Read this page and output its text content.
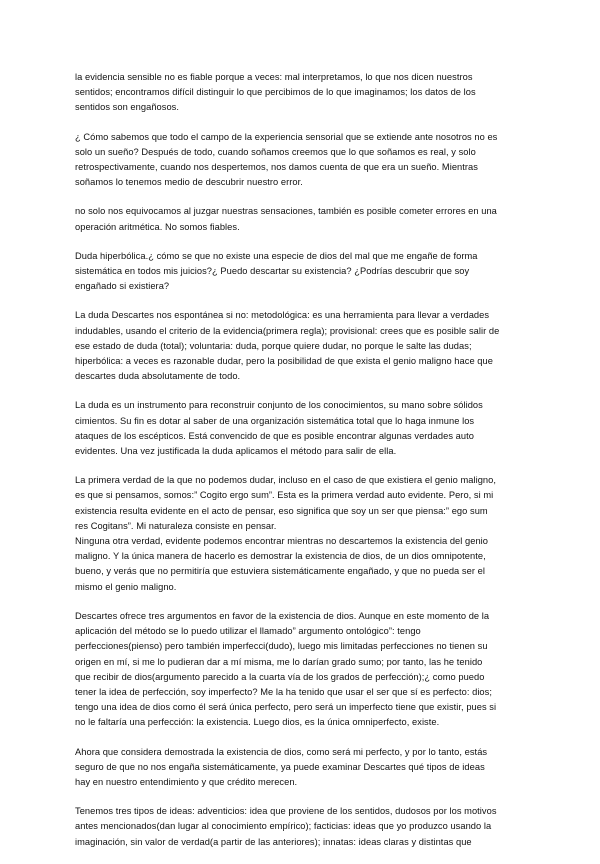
la evidencia sensible no es fiable porque a veces: mal interpretamos, lo que nos dicen nuestros
sentidos; encontramos difícil distinguir lo que percibimos de lo que imaginamos; los datos de los
sentidos son engañosos.

¿ Cómo sabemos que todo el campo de la experiencia sensorial que se extiende ante nosotros no es
solo un sueño? Después de todo, cuando soñamos creemos que lo que soñamos es real, y solo
retrospectivamente, cuando nos despertemos, nos damos cuenta de que era un sueño. Mientras
soñamos lo tenemos medio de descubrir nuestro error.

no solo nos equivocamos al juzgar nuestras sensaciones, también es posible cometer errores en una
operación aritmética. No somos fiables.

Duda hiperbólica.¿ cómo se que no existe una especie de dios del mal que me engañe de forma
sistemática en todos mis juicios?¿ Puedo descartar su existencia? ¿Podrías descubrir que soy
engañado si existiera?

La duda Descartes nos espontánea si no: metodológica: es una herramienta para llevar a verdades
indudables, usando el criterio de la evidencia(primera regla); provisional: crees que es posible salir de
ese estado de duda (total); voluntaria: duda, porque quiere dudar, no porque le salte las dudas;
hiperbólica: a veces es razonable dudar, pero la posibilidad de que exista el genio maligno hace que
descartes duda absolutamente de todo.

La duda es un instrumento para reconstruir conjunto de los conocimientos, su mano sobre sólidos
cimientos. Su fin es dotar al saber de una organización sistemática total que lo haga inmune los
ataques de los escépticos. Está convencido de que es posible encontrar algunas verdades auto
evidentes. Una vez justificada la duda aplicamos el método para salir de ella.

La primera verdad de la que no podemos dudar, incluso en el caso de que existiera el genio maligno,
es que si pensamos, somos:” Cogito ergo sum”. Esta es la primera verdad auto evidente. Pero, si mi
existencia resulta evidente en el acto de pensar, eso significa que soy un ser que piensa:” ego sum
res Cogitans”. Mi naturaleza consiste en pensar.
Ninguna otra verdad, evidente podemos encontrar mientras no descartemos la existencia del genio
maligno. Y la única manera de hacerlo es demostrar la existencia de dios, de un dios omnipotente,
bueno, y verás que no permitiría que estuviera sistemáticamente engañado, y que no pueda ser el
mismo el genio maligno.

Descartes ofrece tres argumentos en favor de la existencia de dios. Aunque en este momento de la
aplicación del método se lo puedo utilizar el llamado” argumento ontológico”: tengo
perfecciones(pienso) pero también imperfecci(dudo), luego mis limitadas perfecciones no tienen su
origen en mí, si me lo pudieran dar a mí misma, me lo darían grado sumo; por tanto, las he tenido
que recibir de dios(argumento parecido a la cuarta vía de los grados de perfección);¿ como puedo
tener la idea de perfección, soy imperfecto? Me la ha tenido que usar el ser que sí es perfecto: dios;
tengo una idea de dios como él será única perfecto, pero será un imperfecto tiene que existir, pues si
no le faltaría una perfección: la existencia. Luego dios, es la única omniperfecto, existe.

Ahora que considera demostrada la existencia de dios, como será mi perfecto, y por lo tanto, estás
seguro de que no nos engaña sistemáticamente, ya puede examinar Descartes qué tipos de ideas
hay en nuestro entendimiento y que crédito merecen.

Tenemos tres tipos de ideas: adventicios: idea que proviene de los sentidos, dudosos por los motivos
antes mencionados(dan lugar al conocimiento empírico); facticias: ideas que yo produzco usando la
imaginación, sin valor de verdad(a partir de las anteriores); innatas: ideas claras y distintas que
